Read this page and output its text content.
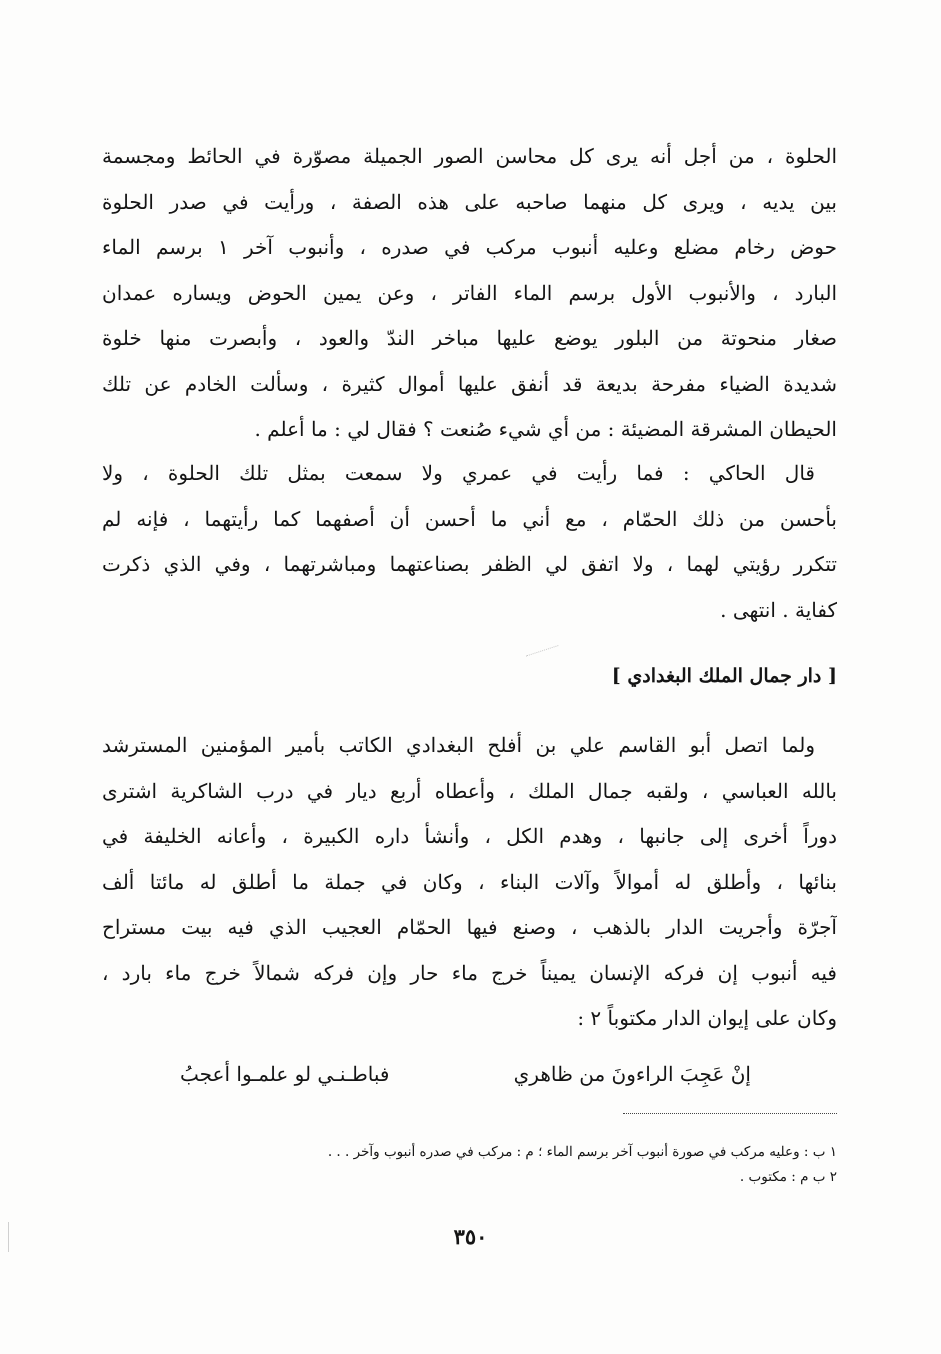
الحلوة ، من أجل أنه يرى كل محاسن الصور الجميلة مصوّرة في الحائط ومجسمة
بين يديه ، ويرى كل منهما صاحبه على هذه الصفة ، ورأيت في صدر الحلوة
حوض رخام مضلع وعليه أنبوب مركب في صدره ، وأنبوب آخر ١ برسم الماء
البارد ، والأنبوب الأول برسم الماء الفاتر ، وعن يمين الحوض ويساره عمدان
صغار منحوتة من البلور يوضع عليها مباخر الندّ والعود ، وأبصرت منها خلوة
شديدة الضياء مفرحة بديعة قد أنفق عليها أموال كثيرة ، وسألت الخادم عن تلك
الحيطان المشرقة المضيئة : من أي شيء صُنعت ؟ فقال لي : ما أعلم .
قال الحاكي : فما رأيت في عمري ولا سمعت بمثل تلك الحلوة ، ولا
بأحسن من ذلك الحمّام ، مع أني ما أحسن أن أصفهما كما رأيتهما ، فإنه لم
تتكرر رؤيتي لهما ، ولا اتفق لي الظفر بصناعتهما ومباشرتهما ، وفي الذي ذكرت
كفاية . انتهى .
[ دار جمال الملك البغدادي ]
ولما اتصل أبو القاسم علي بن أفلح البغدادي الكاتب بأمير المؤمنين المسترشد
بالله العباسي ، ولقبه جمال الملك ، وأعطاه أربع ديار في درب الشاكرية اشترى
دوراً أخرى إلى جانبها ، وهدم الكل ، وأنشأ داره الكبيرة ، وأعانه الخليفة في
بنائها ، وأطلق له أموالاً وآلات البناء ، وكان في جملة ما أطلق له مائتا ألف
آجرّة وأجريت الدار بالذهب ، وصنع فيها الحمّام العجيب الذي فيه بيت مستراح
فيه أنبوب إن فركه الإنسان يميناً خرج ماء حار وإن فركه شمالاً خرج ماء بارد ،
وكان على إيوان الدار مكتوباً ٢ :
إنْ عَجِبَ الراءونَ من ظاهري
فباطـنـي لو علمـوا أعجبُ
١ ب : وعليه مركب في صورة أنبوب آخر برسم الماء ؛ م : مركب في صدره أنبوب وآخر . . .
٢ ب م : مكتوب .
٣٥٠
